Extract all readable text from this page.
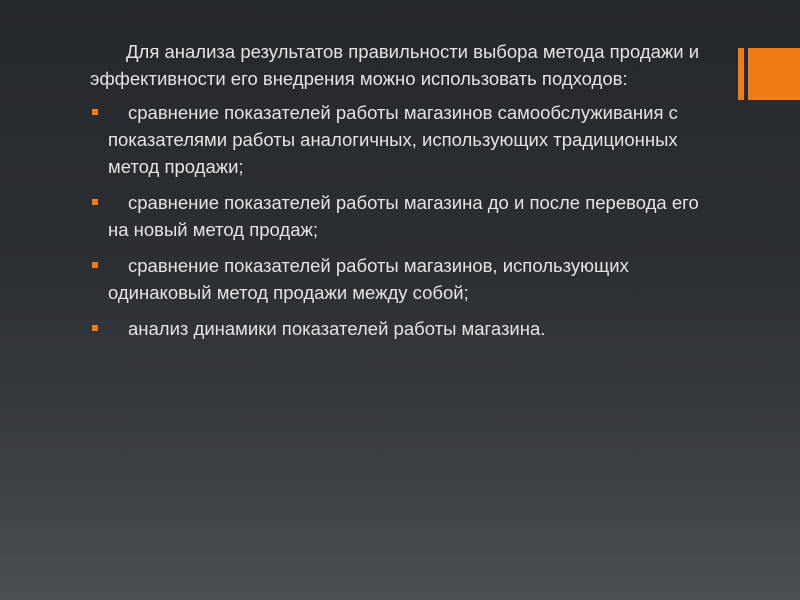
Для анализа результатов правильности выбора метода продажи и эффективности его внедрения можно использовать подходов:

сравнение показателей работы магазинов самообслуживания с показателями работы аналогичных, использующих традиционных метод продажи;
сравнение показателей работы магазина до и после перевода его на новый метод продаж;
сравнение показателей работы магазинов, использующих одинаковый метод продажи между собой;
анализ динамики показателей работы магазина.
